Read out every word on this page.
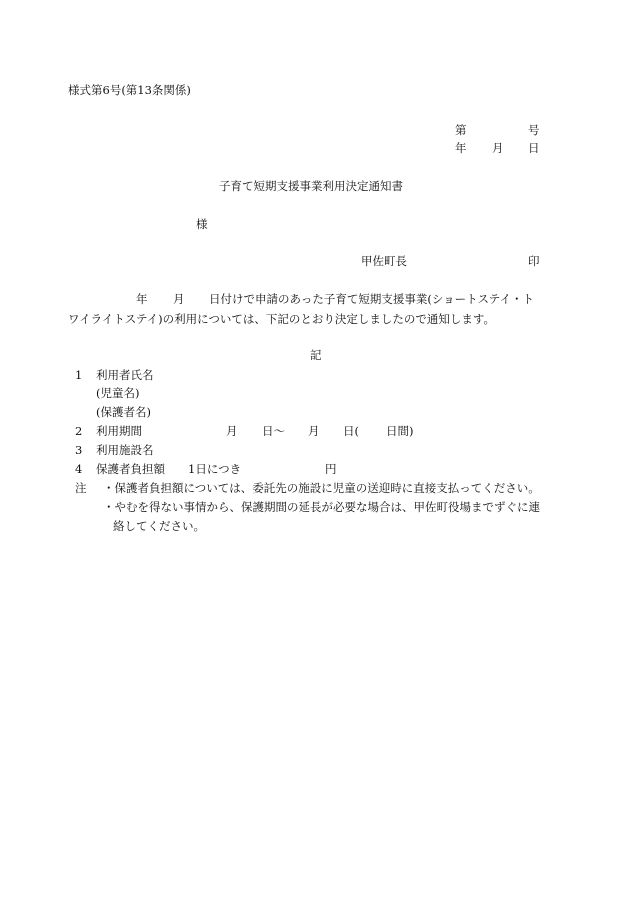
様式第6号(第13条関係)
第	号
年 月 日
子育て短期支援事業利用決定通知書
様
甲佐町長	印
年 月 日付けで申請のあった子育て短期支援事業(ショートステイ・ト
ワイライトステイ)の利用については、下記のとおり決定しましたので通知します。
記
1 利用者氏名
(児童名)
(保護者名)
2 利用期間	月 日〜 月 日( 日間)
3 利用施設名
4 保護者負担額 1日につき	円
注 ・保護者負担額については、委託先の施設に児童の送迎時に直接支払ってください。
・やむを得ない事情から、保護期間の延長が必要な場合は、甲佐町役場までずぐに連
絡してください。
